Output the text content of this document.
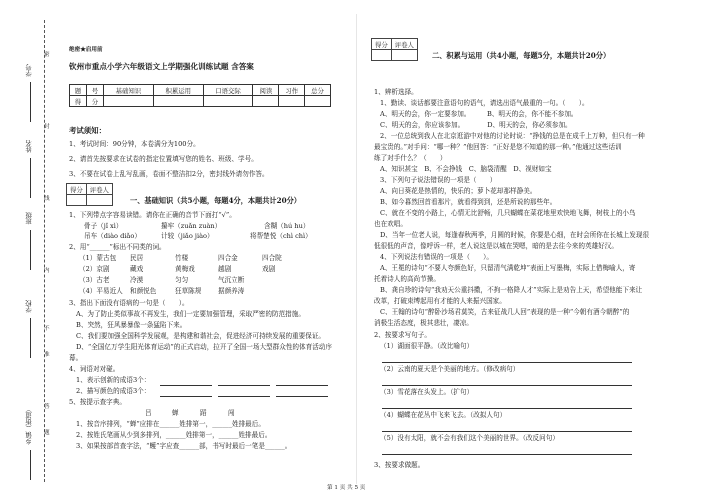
学号
姓名
班级
学校
乡镇（街道）
密
封
线
内
不
准
答
题
绝密★启用前
钦州市重点小学六年级语文上学期强化训练试题 含答案
题	号	基础知识	积累运用	口语交际	阅读	习作	总分
得	分						
考试须知：
1、考试时间：90分钟，本卷满分为100分。
2、请首先按要求在试卷的指定位置填写您的姓名、班级、学号。
3、不要在试卷上乱写乱画，卷面不整洁扣2分，密封线外请勿作答。
得分	评卷人

一、基础知识（共5小题，每题4分，本题共计20分）
1、下列带点字容易读错。请你在正确的音节下面打“√”。
骨子（jǐ xì）	攥牢（zuǎn zuàn）	含糊（hú hu）
吊车（diào diǎo）	计较（jiǎo jiào）	将帮楚悦（chì chì）
2、用“______”标出不同类的词。
（1）蒙古包 民居	竹楼	四合金	四合院
（2）京剧	藏戏	黄梅戏	越剧	戏剧
（3）古老	冷漠	匀匀	气沉立断
（4）平易近人 和颜悦色	狂草陈规	据颜养涛
3、指出下面没有语病的一句是（　　）。
A、为了防止类似事故不再发生，我们一定要加强管理，采取严密的防范措施。
B、突然，狂风暴暴像一条猛陷下来。
C、我们要加强全国科学发展观，是构建和谐社会，促进经济可持续发展的重要保证。
D、“全国亿万学生阳光体育运动”的正式启动，拉开了全国一场大型群众性的体育活动序
幕。
4、词语对对碰。
1、表示创新的成语3个：
2、描写颜色的成语3个：
5、按提示查字典。
吕	蝉	蹈	闯
1、按音序排列，“蝉”应排在______姓排第一，______姓排最后。
2、按姓氏笔画从少到多排列，______姓排第一，______姓排最后。
3、如果按部首查字法，“蠖”字应查______部，书写时最后一笔是______。
得分	评卷人

二、积累与运用（共4小题，每题5分，本题共计20分）
1、辨析选择。
1、勤读、谈话都要注意语句的语气，请选出语气最重的一句。（　　）。
A、明天的会，你一定要参加。　　　B、明天的会，你不能不参加。
C、明天的会，你应该参加。　　　　D、明天的会，你必须参加。
2、一位总统到我人在北京逛游中对他的讨论时说：“挣钱的总是在成千上万种，但只有一种
最宝贵的。”对手问：“哪一种？”他回答：“正好是您不知道的那一种。”他通过这些话训
练了对手什么？（　　）
A、知识甚宝　B、不会挣钱　C、脑袋清醒　D、视财如宝
3、下列句子说法错误的一项是（　　）
A、向日葵花是热情的，快乐的；萝卜花却那样静美。
B、如今暮然回首看那片，就看得到到，还是所说的那些年。
C、就在不变的小路上，心情无比舒畅，几只蝴蝶在菜花地里欢快地飞舞，树枝上的小鸟
也在欢唱。
D、当年一位老人说，每逢春秋两季，月圆的时候，你要是心细，在时会所你在长城上发现很
低很低的声音，像呼诉一样，老人说这是以城在哭嗯，暗的是去往今来的英雄好汉。
4、下列说法有错误的一项是（　　）。
A、王冕的诗句“不要人夸颜色好，只留清气满乾坤”表面上写墨梅，实际上借梅喻人，寄
托着诗人的高尚节操。
B、龚自珍的诗句“我劝天公重抖擞，不拘一格降人才”实际上是劝告上天，希望他能下来让
改革，打破束缚起用有才能的人来振兴国家。
C、王翰的诗句“醉卧沙场君莫笑，古来征战几人回”表现的是一种“今朝有酒今朝醉”的
消极生活态度，极其悲壮，凄凉。
2、按要求写句子。
（1）湖面很平静。（改比喻句）
（2）云南的夏天是个美丽的地方。（修改病句）
（3）雪花落在头发上。（扩句）
（4）蝴蝶在花丛中飞来飞去。（改拟人句）
（5）没有太阳，就不会有我们这个美丽的世界。（改反问句）
3、按要求做题。
第 1 页 共 5 页
